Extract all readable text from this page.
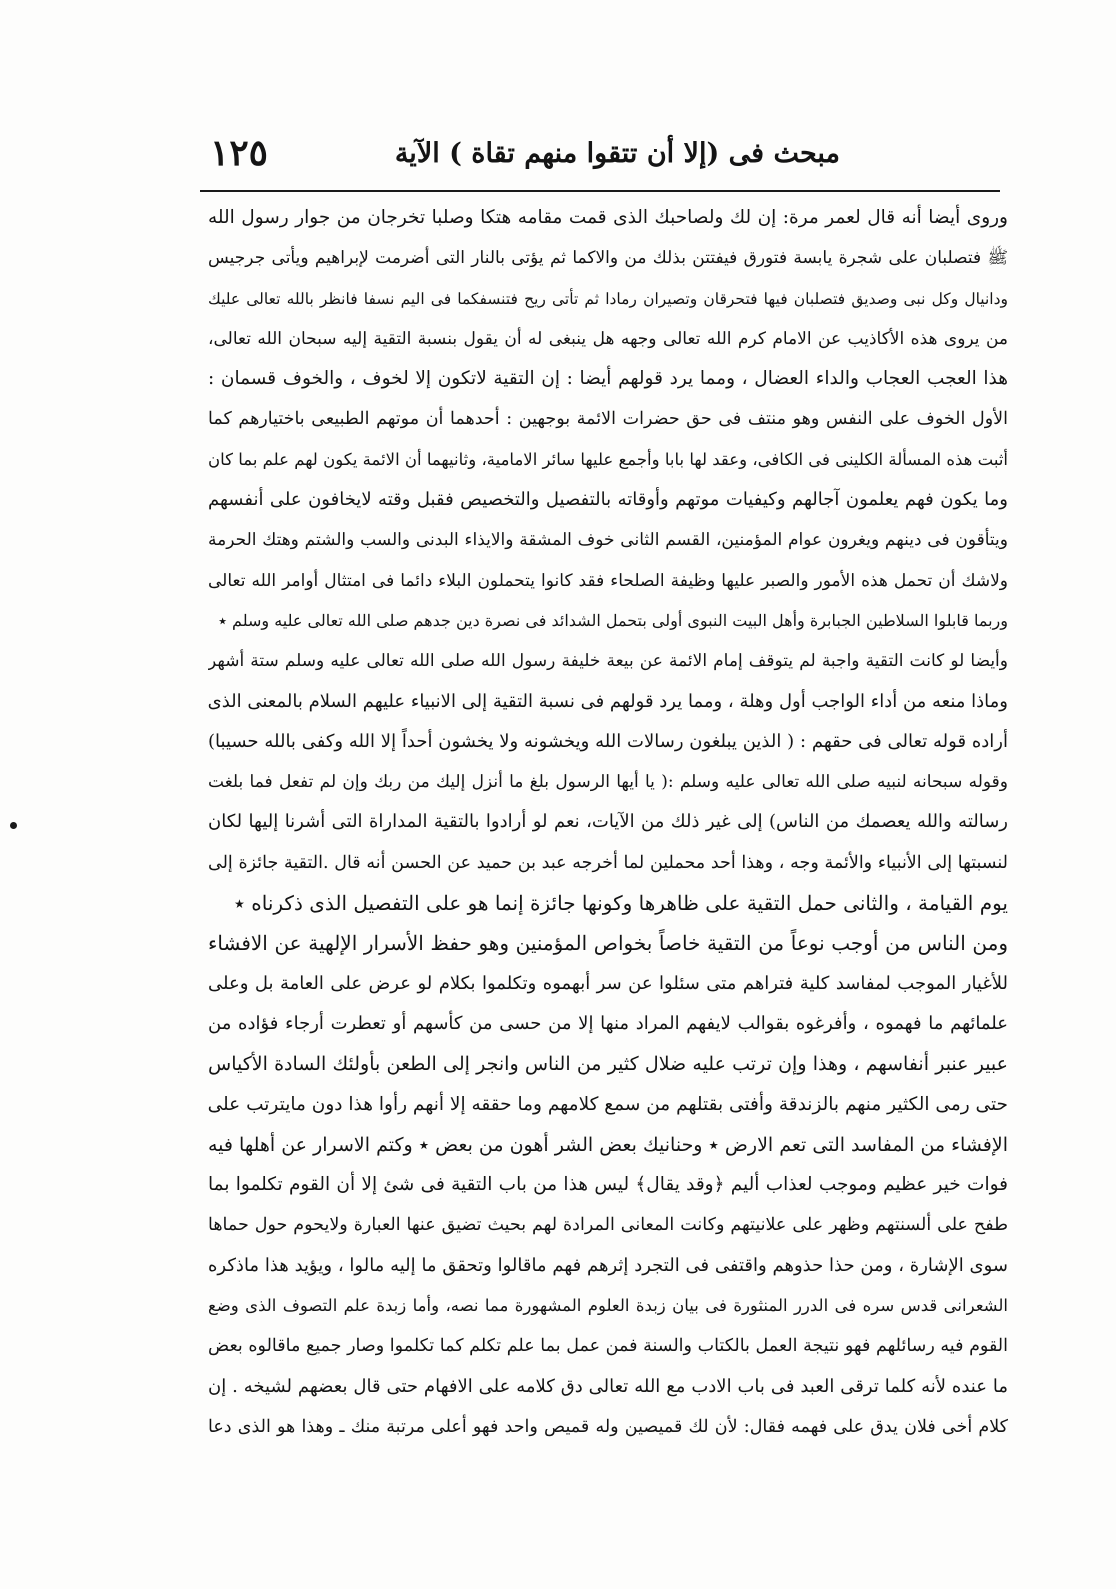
مبحث فى (إلا أن تتقوا منهم تقاة ) الآية
١٢٥
وروى أيضا أنه قال لعمر مرة: إن لك ولصاحبك الذى قمت مقامه هتكا وصلبا تخرجان من جوار رسول الله
ﷺ فتصلبان على شجرة يابسة فتورق فيفتتن بذلك من والاكما ثم يؤتى بالنار التى أضرمت لإبراهيم ويأتى جرجيس
ودانيال وكل نبى وصديق فتصلبان فيها فتحرقان وتصيران رمادا ثم تأتى ريح فتنسفكما فى اليم نسفا فانظر بالله تعالى عليك
من يروى هذه الأكاذيب عن الامام كرم الله تعالى وجهه هل ينبغى له أن يقول بنسبة التقية إليه سبحان الله تعالى،
هذا العجب العجاب والداء العضال ، ومما يرد قولهم أيضا : إن التقية لاتكون إلا لخوف ، والخوف قسمان :
الأول الخوف على النفس وهو منتف فى حق حضرات الائمة بوجهين : أحدهما أن موتهم الطبيعى باختيارهم كما
أثبت هذه المسألة الكلينى فى الكافى، وعقد لها بابا وأجمع عليها سائر الامامية، وثانيهما أن الائمة يكون لهم علم بما كان
وما يكون فهم يعلمون آجالهم وكيفيات موتهم وأوقاته بالتفصيل والتخصيص فقبل وقته لايخافون على أنفسهم
ويتأقون فى دينهم ويغرون عوام المؤمنين، القسم الثانى خوف المشقة والايذاء البدنى والسب والشتم وهتك الحرمة
ولاشك أن تحمل هذه الأمور والصبر عليها وظيفة الصلحاء فقد كانوا يتحملون البلاء دائما فى امتثال أوامر الله تعالى
وربما قابلوا السلاطين الجبابرة وأهل البيت النبوى أولى بتحمل الشدائد فى نصرة دين جدهم صلى الله تعالى عليه وسلم ٭
وأيضا لو كانت التقية واجبة لم يتوقف إمام الائمة عن بيعة خليفة رسول الله صلى الله تعالى عليه وسلم ستة أشهر
وماذا منعه من أداء الواجب أول وهلة ، ومما يرد قولهم فى نسبة التقية إلى الانبياء عليهم السلام بالمعنى الذى
أراده قوله تعالى فى حقهم : ( الذين يبلغون رسالات الله ويخشونه ولا يخشون أحداً إلا الله وكفى بالله حسيبا)
وقوله سبحانه لنبيه صلى الله تعالى عليه وسلم :( يا أيها الرسول بلغ ما أنزل إليك من ربك وإن لم تفعل فما بلغت
رسالته والله يعصمك من الناس) إلى غير ذلك من الآيات، نعم لو أرادوا بالتقية المداراة التى أشرنا إليها لكان
لنسبتها إلى الأنبياء والأئمة وجه ، وهذا أحد محملين لما أخرجه عبد بن حميد عن الحسن أنه قال .التقية جائزة إلى
يوم القيامة ، والثانى حمل التقية على ظاهرها وكونها جائزة إنما هو على التفصيل الذى ذكرناه ٭
ومن الناس من أوجب نوعاً من التقية خاصاً بخواص المؤمنين وهو حفظ الأسرار الإلهية عن الافشاء
للأغيار الموجب لمفاسد كلية فتراهم متى سئلوا عن سر أبهموه وتكلموا بكلام لو عرض على العامة بل وعلى
علمائهم ما فهموه ، وأفرغوه بقوالب لايفهم المراد منها إلا من حسى من كأسهم أو تعطرت أرجاء فؤاده من
عبير عنبر أنفاسهم ، وهذا وإن ترتب عليه ضلال كثير من الناس وانجر إلى الطعن بأولئك السادة الأكياس
حتى رمى الكثير منهم بالزندقة وأفتى بقتلهم من سمع كلامهم وما حققه إلا أنهم رأوا هذا دون مايترتب على
الإفشاء من المفاسد التى تعم الارض ٭ وحنانيك بعض الشر أهون من بعض ٭ وكتم الاسرار عن أهلها فيه
فوات خير عظيم وموجب لعذاب أليم ﴿وقد يقال﴾ ليس هذا من باب التقية فى شئ إلا أن القوم تكلموا بما
طفح على ألسنتهم وظهر على علانيتهم وكانت المعانى المرادة لهم بحيث تضيق عنها العبارة ولايحوم حول حماها
سوى الإشارة ، ومن حذا حذوهم واقتفى فى التجرد إثرهم فهم ماقالوا وتحقق ما إليه مالوا ، ويؤيد هذا ماذكره
الشعرانى قدس سره فى الدرر المنثورة فى بيان زبدة العلوم المشهورة مما نصه، وأما زبدة علم التصوف الذى وضع
القوم فيه رسائلهم فهو نتيجة العمل بالكتاب والسنة فمن عمل بما علم تكلم كما تكلموا وصار جميع ماقالوه بعض
ما عنده لأنه كلما ترقى العبد فى باب الادب مع الله تعالى دق كلامه على الافهام حتى قال بعضهم لشيخه . إن
كلام أخى فلان يدق على فهمه فقال: لأن لك قميصين وله قميص واحد فهو أعلى مرتبة منك ـ وهذا هو الذى دعا
